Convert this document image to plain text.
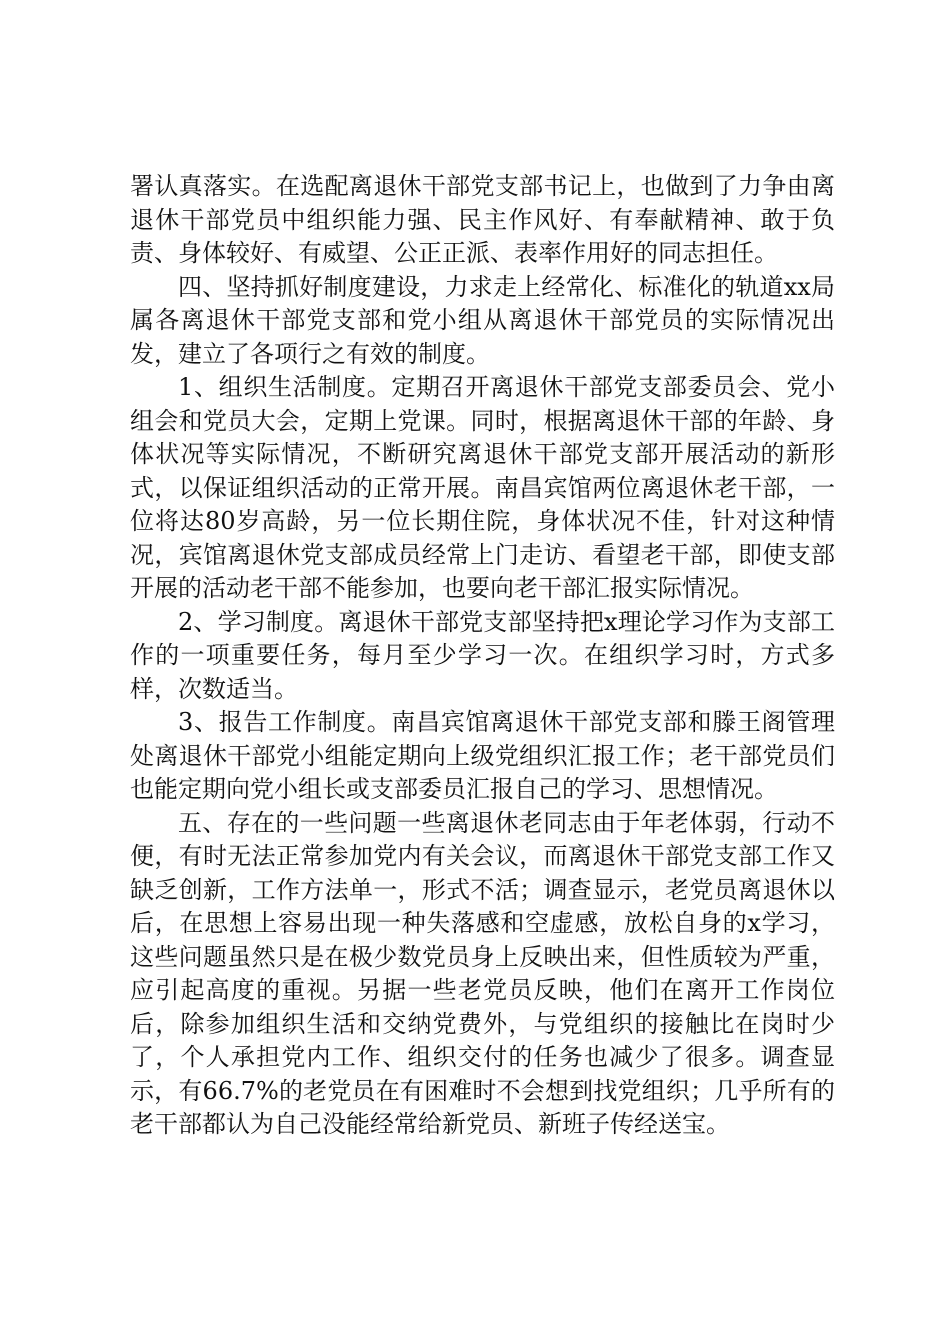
署认真落实。在选配离退休干部党支部书记上，也做到了力争由离退休干部党员中组织能力强、民主作风好、有奉献精神、敢于负责、身体较好、有威望、公正正派、表率作用好的同志担任。

四、坚持抓好制度建设，力求走上经常化、标准化的轨道xx局属各离退休干部党支部和党小组从离退休干部党员的实际情况出发，建立了各项行之有效的制度。

1、组织生活制度。定期召开离退休干部党支部委员会、党小组会和党员大会，定期上党课。同时，根据离退休干部的年龄、身体状况等实际情况，不断研究离退休干部党支部开展活动的新形式，以保证组织活动的正常开展。南昌宾馆两位离退休老干部，一位将达80岁高龄，另一位长期住院，身体状况不佳，针对这种情况，宾馆离退休党支部成员经常上门走访、看望老干部，即使支部开展的活动老干部不能参加，也要向老干部汇报实际情况。

2、学习制度。离退休干部党支部坚持把x理论学习作为支部工作的一项重要任务，每月至少学习一次。在组织学习时，方式多样，次数适当。

3、报告工作制度。南昌宾馆离退休干部党支部和滕王阁管理处离退休干部党小组能定期向上级党组织汇报工作；老干部党员们也能定期向党小组长或支部委员汇报自己的学习、思想情况。

五、存在的一些问题一些离退休老同志由于年老体弱，行动不便，有时无法正常参加党内有关会议，而离退休干部党支部工作又缺乏创新，工作方法单一，形式不活；调查显示，老党员离退休以后，在思想上容易出现一种失落感和空虚感，放松自身的x学习，这些问题虽然只是在极少数党员身上反映出来，但性质较为严重，应引起高度的重视。另据一些老党员反映，他们在离开工作岗位后，除参加组织生活和交纳党费外，与党组织的接触比在岗时少了，个人承担党内工作、组织交付的任务也减少了很多。调查显示，有66.7%的老党员在有困难时不会想到找党组织；几乎所有的老干部都认为自己没能经常给新党员、新班子传经送宝。
